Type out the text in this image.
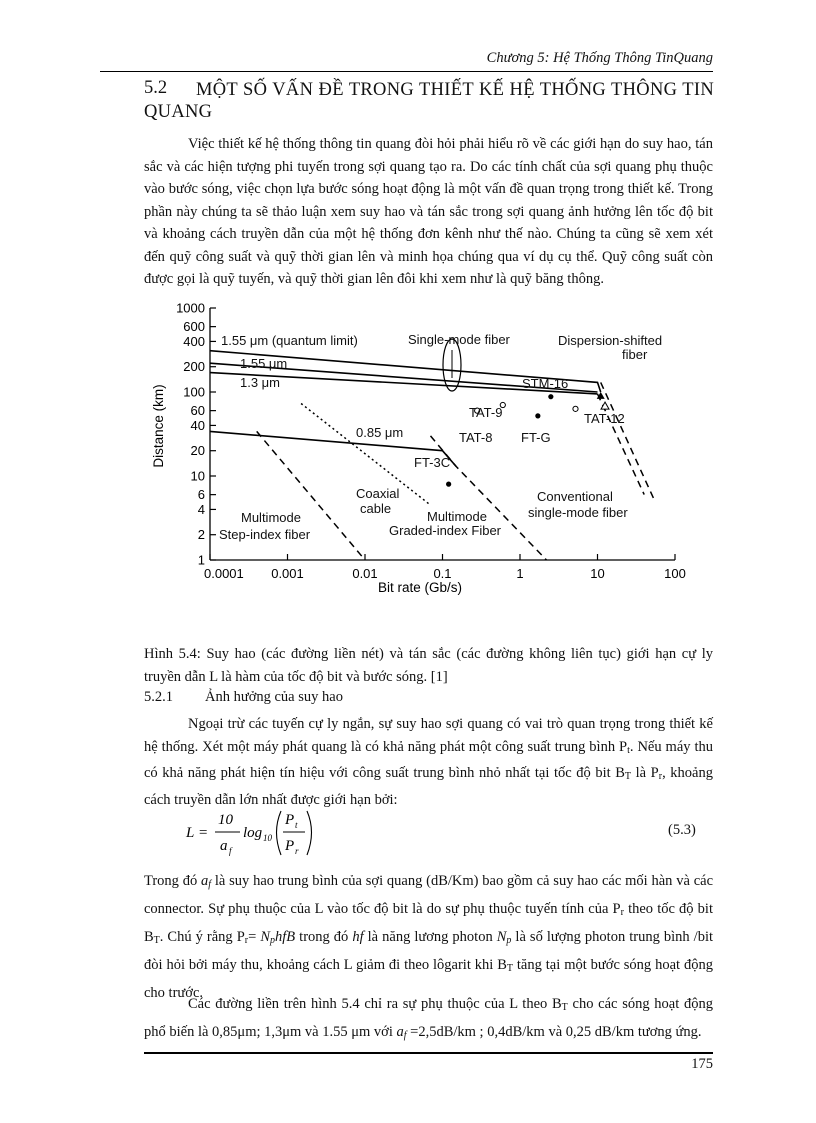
Chương 5: Hệ Thống Thông TinQuang
5.2 MỘT SỐ VẤN ĐỀ TRONG THIẾT KẾ HỆ THỐNG THÔNG TIN
QUANG
Việc thiết kế hệ thống thông tin quang đòi hỏi phải hiểu rõ về các giới hạn do suy hao, tán sắc và các hiện tượng phi tuyến trong sợi quang tạo ra. Do các tính chất của sợi quang phụ thuộc vào bước sóng, việc chọn lựa bước sóng hoạt động là một vấn đề quan trọng trong thiết kế. Trong phần này chúng ta sẽ thảo luận xem suy hao và tán sắc trong sợi quang ảnh hưởng lên tốc độ bit và khoảng cách truyền dẫn của một hệ thống đơn kênh như thế nào. Chúng ta cũng sẽ xem xét đến quỹ công suất và quỹ thời gian lên và minh họa chúng qua ví dụ cụ thể. Quỹ công suất còn được gọi là quỹ tuyến, và quỹ thời gian lên đôi khi xem như là quỹ băng thông.
1
2
4
6
10
20
40
60
100
200
400
600
1000
0.0001 0.001	0.01	0.1	1	10	100
1.55 μm (quantum limit)	Single-mode fiber	Dispersion-shifted
fiber
1.55 μm
1.3 μm	STM-16
TAT-9	TAT-12
TAT-8 FT-G
0.85 μm
FT-3C
Coaxial
cable
Conventional
single-mode fiber
Multimode
Step-index fiber
Multimode
Graded-index Fiber
Bit rate (Gb/s)
Distance (km)
Hình 5.4: Suy hao (các đường liền nét) và tán sắc (các đường không liên tục) giới hạn cự ly truyền dẫn L là hàm của tốc độ bit và bước sóng. [1]
5.2.1 Ảnh hưởng của suy hao
Ngoại trừ các tuyến cự ly ngắn, sự suy hao sợi quang có vai trò quan trọng trong thiết kế hệ thống. Xét một máy phát quang là có khả năng phát một công suất trung bình $P_t$. Nếu máy thu có khả năng phát hiện tín hiệu với công suất trung bình nhỏ nhất tại tốc độ bit $B_T$ là $P_r$, khoảng cách truyền dẫn lớn nhất được giới hạn bởi:
L =
10
a f
log 10
P t
P r
(5.3)
Trong đó $a_f$ là suy hao trung bình của sợi quang (dB/Km) bao gồm cả suy hao các mối hàn và các connector. Sự phụ thuộc của L vào tốc độ bit là do sự phụ thuộc tuyến tính của $P_r$ theo tốc độ bit $B_T$. Chú ý rằng $P_r= N_phfB$ trong đó hf là năng lương photon $N_p$ là số lượng photon trung bình /bit đòi hỏi bởi máy thu, khoảng cách L giảm đi theo lôgarit khi $B_T$ tăng tại một bước sóng hoạt động cho trước.
Các đường liền trên hình 5.4 chỉ ra sự phụ thuộc của L theo $B_T$ cho các sóng hoạt động phổ biến là 0,85μm; 1,3μm và 1.55 μm với $a_f =2,5dB/km$ ; 0,4dB/km và 0,25 dB/km tương ứng.
175
